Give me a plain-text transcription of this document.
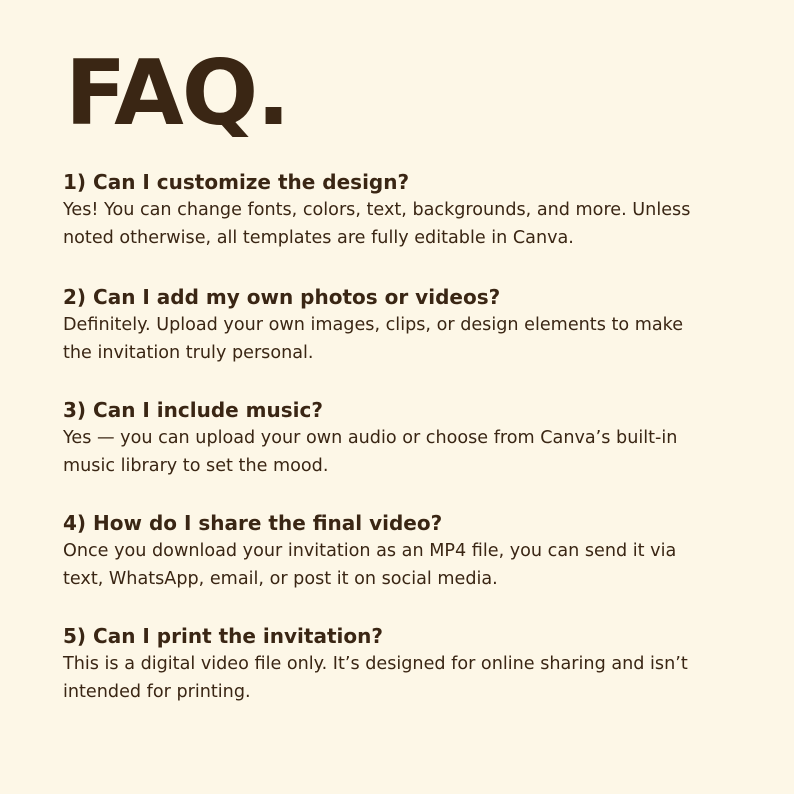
FAQ.
1) Can I customize the design?

Yes! You can change fonts, colors, text, backgrounds, and more. Unless
noted otherwise, all templates are fully editable in Canva.

2) Can I add my own photos or videos?

Definitely. Upload your own images, clips, or design elements to make
the invitation truly personal.

3) Can I include music?

Yes — you can upload your own audio or choose from Canva’s built-in
music library to set the mood.

4) How do I share the final video?

Once you download your invitation as an MP4 file, you can send it via
text, WhatsApp, email, or post it on social media.

5) Can I print the invitation?

This is a digital video file only. It’s designed for online sharing and isn’t
intended for printing.
